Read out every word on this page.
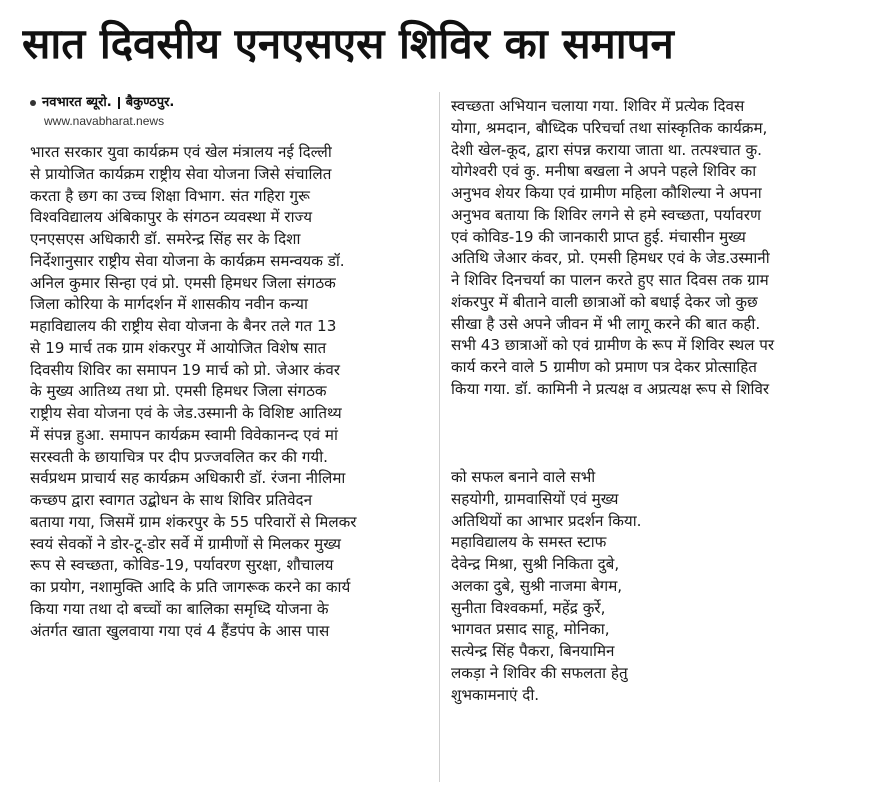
सात दिवसीय एनएसएस शिविर का समापन
नवभारत ब्यूरो. बैकुण्ठपुर.
www.navabharat.news
भारत सरकार युवा कार्यक्रम एवं खेल मंत्रालय नई दिल्ली
से प्रायोजित कार्यक्रम राष्ट्रीय सेवा योजना जिसे संचालित
करता है छग का उच्च शिक्षा विभाग. संत गहिरा गुरू
विश्वविद्यालय अंबिकापुर के संगठन व्यवस्था में राज्य
एनएसएस अधिकारी डॉ. समरेन्द्र सिंह सर के दिशा
निर्देशानुसार राष्ट्रीय सेवा योजना के कार्यक्रम समन्वयक डॉ.
अनिल कुमार सिन्हा एवं प्रो. एमसी हिमधर जिला संगठक
जिला कोरिया के मार्गदर्शन में शासकीय नवीन कन्या
महाविद्यालय की राष्ट्रीय सेवा योजना के बैनर तले गत 13
से 19 मार्च तक ग्राम शंकरपुर में आयोजित विशेष सात
दिवसीय शिविर का समापन 19 मार्च को प्रो. जेआर कंवर
के मुख्य आतिथ्य तथा प्रो. एमसी हिमधर जिला संगठक
राष्ट्रीय सेवा योजना एवं के जेड.उस्मानी के विशिष्ट आतिथ्य
में संपन्न हुआ. समापन कार्यक्रम स्वामी विवेकानन्द एवं मां
सरस्वती के छायाचित्र पर दीप प्रज्जवलित कर की गयी.
सर्वप्रथम प्राचार्य सह कार्यक्रम अधिकारी डॉ. रंजना नीलिमा
कच्छप द्वारा स्वागत उद्बोधन के साथ शिविर प्रतिवेदन
बताया गया, जिसमें ग्राम शंकरपुर के 55 परिवारों से मिलकर
स्वयं सेवकों ने डोर-टू-डोर सर्वे में ग्रामीणों से मिलकर मुख्य
रूप से स्वच्छता, कोविड-19, पर्यावरण सुरक्षा, शौचालय
का प्रयोग, नशामुक्ति आदि के प्रति जागरूक करने का कार्य
किया गया तथा दो बच्चों का बालिका समृध्दि योजना के
अंतर्गत खाता खुलवाया गया एवं 4 हैंडपंप के आस पास
स्वच्छता अभियान चलाया गया. शिविर में प्रत्येक दिवस
योगा, श्रमदान, बौध्दिक परिचर्चा तथा सांस्कृतिक कार्यक्रम,
देशी खेल-कूद, द्वारा संपन्न कराया जाता था. तत्पश्चात कु.
योगेश्वरी एवं कु. मनीषा बखला ने अपने पहले शिविर का
अनुभव शेयर किया एवं ग्रामीण महिला कौशिल्या ने अपना
अनुभव बताया कि शिविर लगने से हमे स्वच्छता, पर्यावरण
एवं कोविड-19 की जानकारी प्राप्त हुई. मंचासीन मुख्य
अतिथि जेआर कंवर, प्रो. एमसी हिमधर एवं के जेड.उस्मानी
ने शिविर दिनचर्या का पालन करते हुए सात दिवस तक ग्राम
शंकरपुर में बीताने वाली छात्राओं को बधाई देकर जो कुछ
सीखा है उसे अपने जीवन में भी लागू करने की बात कही.
सभी 43 छात्राओं को एवं ग्रामीण के रूप में शिविर स्थल पर
कार्य करने वाले 5 ग्रामीण को प्रमाण पत्र देकर प्रोत्साहित
किया गया. डॉ. कामिनी ने प्रत्यक्ष व अप्रत्यक्ष रूप से शिविर
को सफल बनाने वाले सभी
सहयोगी, ग्रामवासियों एवं मुख्य
अतिथियों का आभार प्रदर्शन किया.
महाविद्यालय के समस्त स्टाफ
देवेन्द्र मिश्रा, सुश्री निकिता दुबे,
अलका दुबे, सुश्री नाजमा बेगम,
सुनीता विश्वकर्मा, महेंद्र कुर्रे,
भागवत प्रसाद साहू, मोनिका,
सत्येन्द्र सिंह पैकरा, बिनयामिन
लकड़ा ने शिविर की सफलता हेतु
शुभकामनाएं दी.
